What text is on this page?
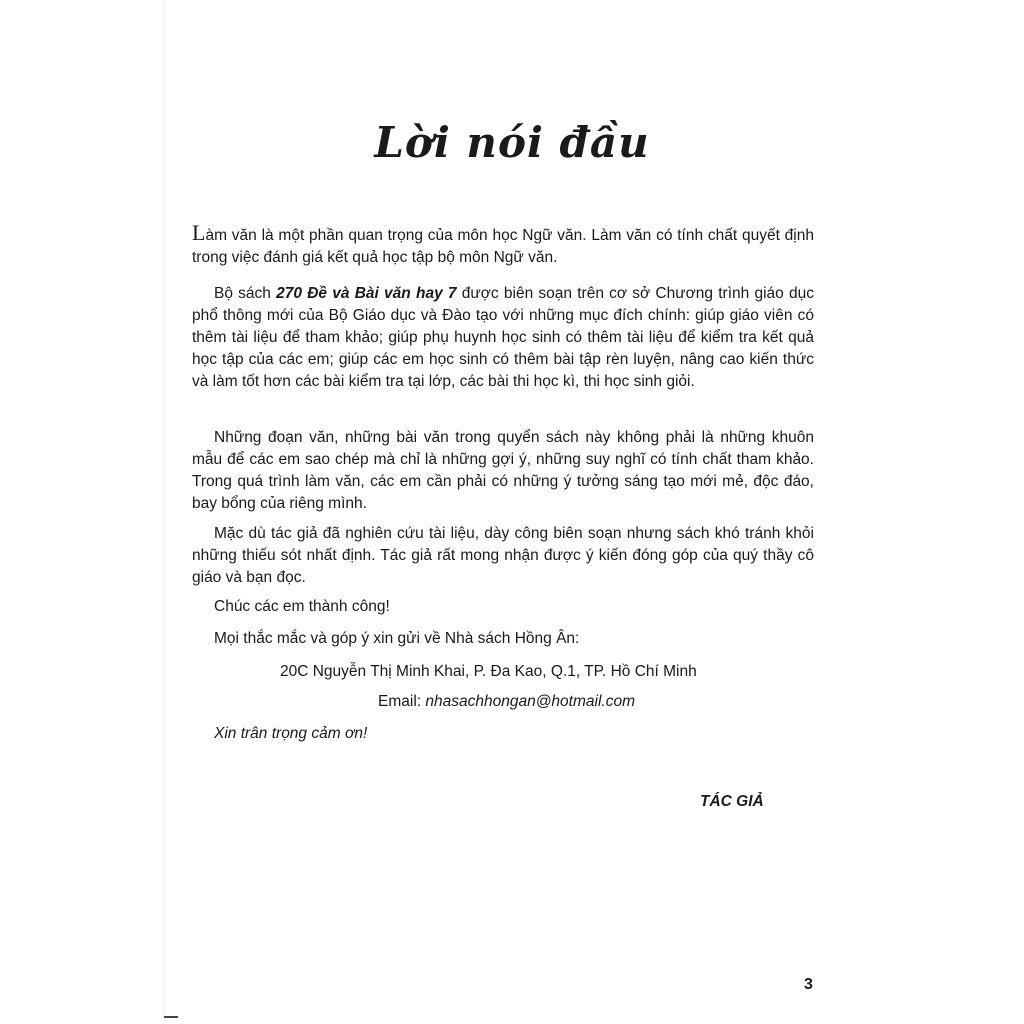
Lời nói đầu

Làm văn là một phần quan trọng của môn học Ngữ văn. Làm văn có tính chất quyết định trong việc đánh giá kết quả học tập bộ môn Ngữ văn.

Bộ sách 270 Đề và Bài văn hay 7 được biên soạn trên cơ sở Chương trình giáo dục phổ thông mới của Bộ Giáo dục và Đào tạo với những mục đích chính: giúp giáo viên có thêm tài liệu để tham khảo; giúp phụ huynh học sinh có thêm tài liệu để kiểm tra kết quả học tập của các em; giúp các em học sinh có thêm bài tập rèn luyện, nâng cao kiến thức và làm tốt hơn các bài kiểm tra tại lớp, các bài thi học kì, thi học sinh giỏi.

Những đoạn văn, những bài văn trong quyển sách này không phải là những khuôn mẫu để các em sao chép mà chỉ là những gợi ý, những suy nghĩ có tính chất tham khảo. Trong quá trình làm văn, các em cần phải có những ý tưởng sáng tạo mới mẻ, độc đáo, bay bổng của riêng mình.

Mặc dù tác giả đã nghiên cứu tài liệu, dày công biên soạn nhưng sách khó tránh khỏi những thiếu sót nhất định. Tác giả rất mong nhận được ý kiến đóng góp của quý thầy cô giáo và bạn đọc.

Chúc các em thành công!
Mọi thắc mắc và góp ý xin gửi về Nhà sách Hồng Ân:
20C Nguyễn Thị Minh Khai, P. Đa Kao, Q.1, TP. Hồ Chí Minh
Email: nhasachhongan@hotmail.com
Xin trân trọng cảm ơn!
TÁC GIẢ
3
